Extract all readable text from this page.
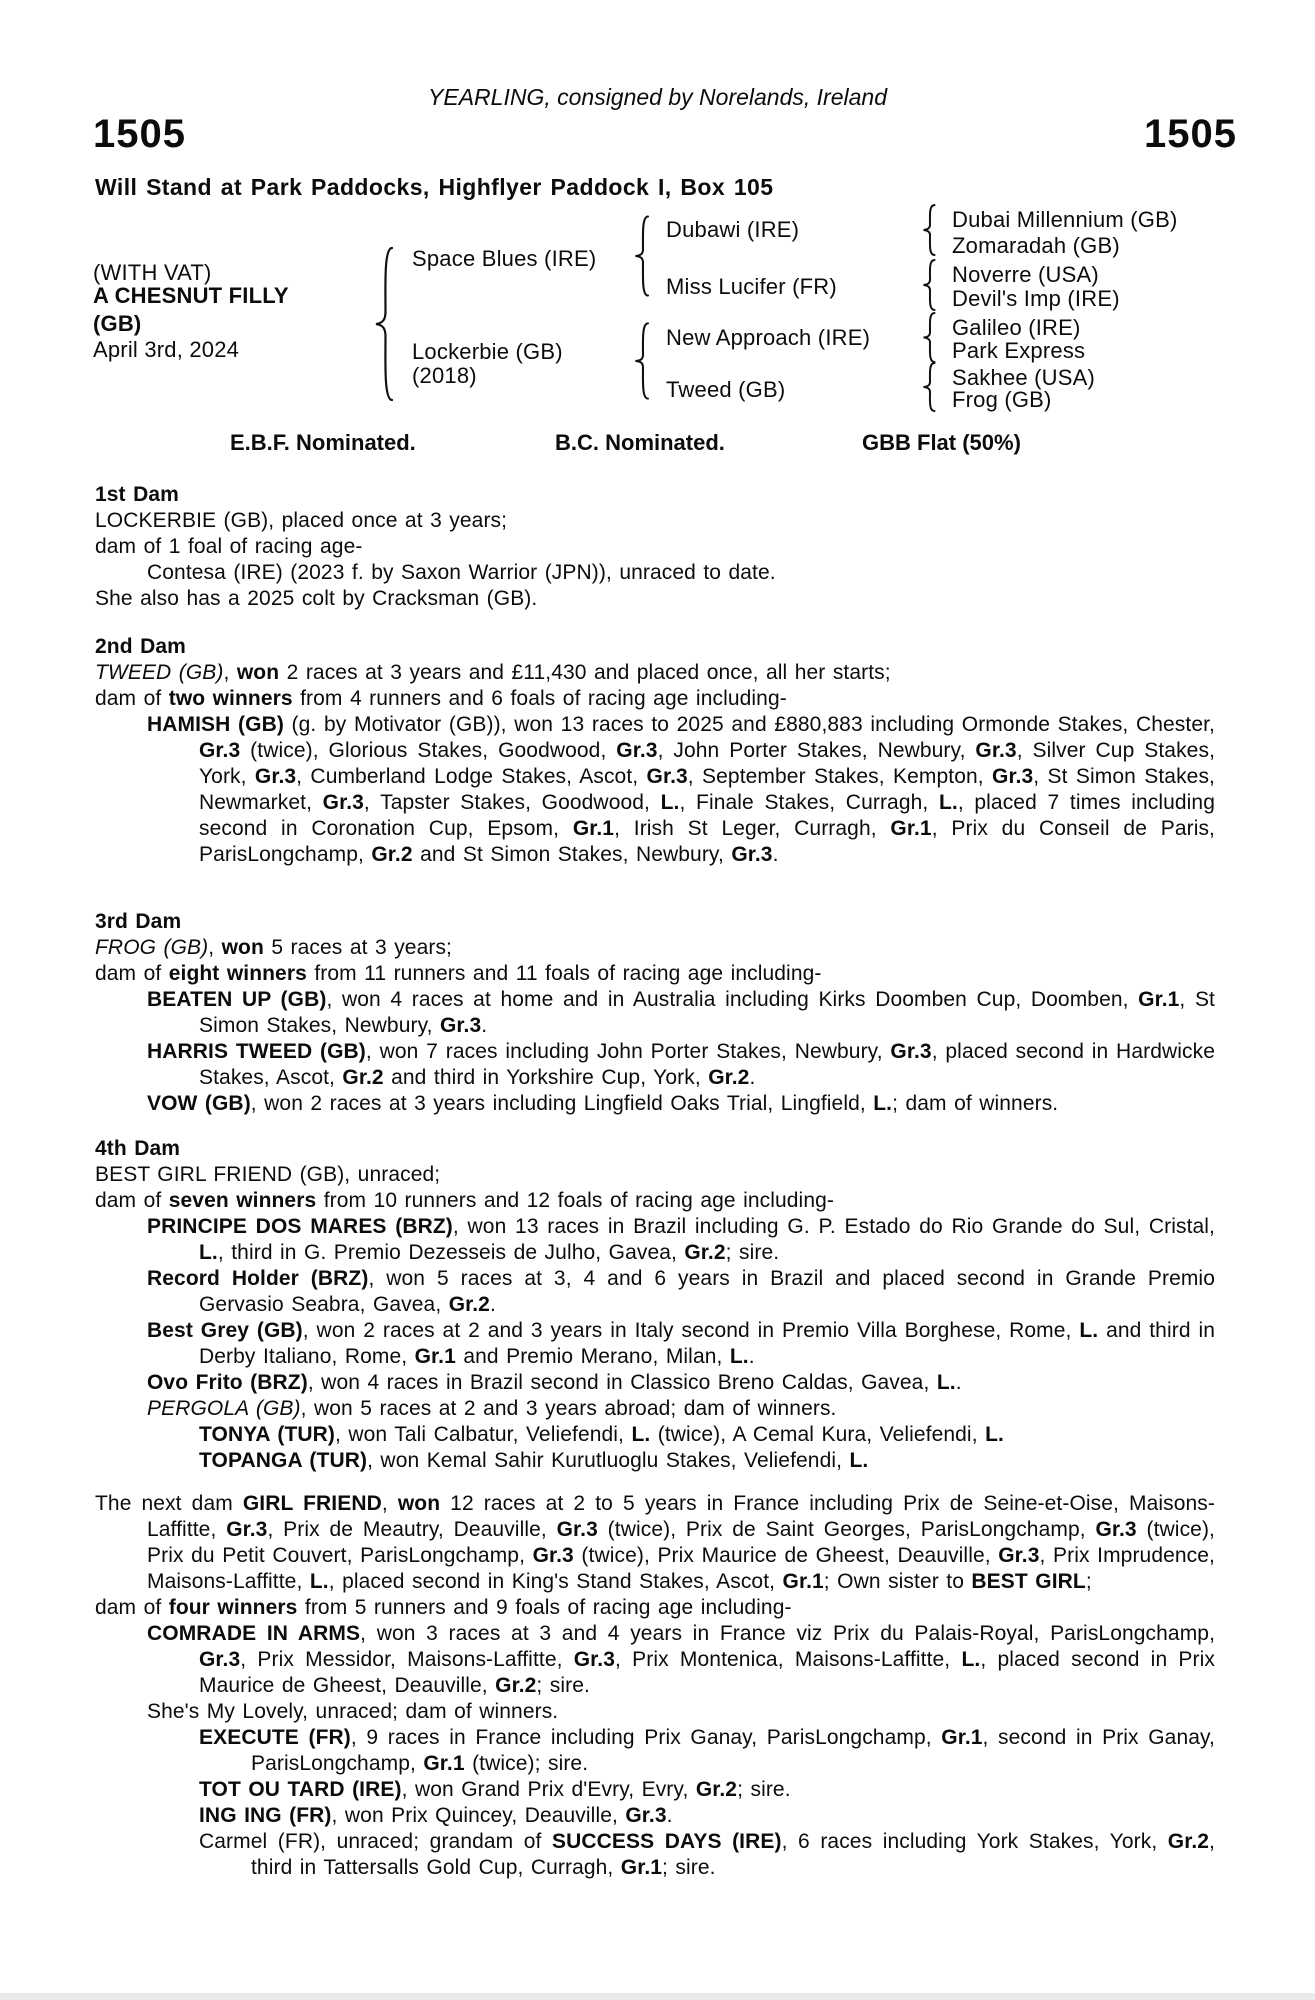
YEARLING, consigned by Norelands, Ireland
1505	1505
Will Stand at Park Paddocks, Highflyer Paddock I, Box 105
(WITH VAT)
A CHESNUT FILLY
(GB)
April 3rd, 2024
Space Blues (IRE)
Lockerbie (GB)
(2018)
Dubawi (IRE)
Miss Lucifer (FR)
New Approach (IRE)
Tweed (GB)
Dubai Millennium (GB)
Zomaradah (GB)
Noverre (USA)
Devil's Imp (IRE)
Galileo (IRE)
Park Express
Sakhee (USA)
Frog (GB)
E.B.F. Nominated.	B.C. Nominated.	GBB Flat (50%)
1st Dam

LOCKERBIE (GB), placed once at 3 years;

dam of 1 foal of racing age-

Contesa (IRE) (2023 f. by Saxon Warrior (JPN)), unraced to date.

She also has a 2025 colt by Cracksman (GB).

2nd Dam

TWEED (GB), won 2 races at 3 years and £11,430 and placed once, all her starts;

dam of two winners from 4 runners and 6 foals of racing age including-

HAMISH (GB) (g. by Motivator (GB)), won 13 races to 2025 and £880,883 including Ormonde Stakes, Chester, Gr.3 (twice), Glorious Stakes, Goodwood, Gr.3, John Porter Stakes, Newbury, Gr.3, Silver Cup Stakes, York, Gr.3, Cumberland Lodge Stakes, Ascot, Gr.3, September Stakes, Kempton, Gr.3, St Simon Stakes, Newmarket, Gr.3, Tapster Stakes, Goodwood, L., Finale Stakes, Curragh, L., placed 7 times including second in Coronation Cup, Epsom, Gr.1, Irish St Leger, Curragh, Gr.1, Prix du Conseil de Paris, ParisLongchamp, Gr.2 and St Simon Stakes, Newbury, Gr.3.

3rd Dam

FROG (GB), won 5 races at 3 years;

dam of eight winners from 11 runners and 11 foals of racing age including-

BEATEN UP (GB), won 4 races at home and in Australia including Kirks Doomben Cup, Doomben, Gr.1, St Simon Stakes, Newbury, Gr.3.

HARRIS TWEED (GB), won 7 races including John Porter Stakes, Newbury, Gr.3, placed second in Hardwicke Stakes, Ascot, Gr.2 and third in Yorkshire Cup, York, Gr.2.

VOW (GB), won 2 races at 3 years including Lingfield Oaks Trial, Lingfield, L.; dam of winners.

4th Dam

BEST GIRL FRIEND (GB), unraced;

dam of seven winners from 10 runners and 12 foals of racing age including-

PRINCIPE DOS MARES (BRZ), won 13 races in Brazil including G. P. Estado do Rio Grande do Sul, Cristal, L., third in G. Premio Dezesseis de Julho, Gavea, Gr.2; sire.

Record Holder (BRZ), won 5 races at 3, 4 and 6 years in Brazil and placed second in Grande Premio Gervasio Seabra, Gavea, Gr.2.

Best Grey (GB), won 2 races at 2 and 3 years in Italy second in Premio Villa Borghese, Rome, L. and third in Derby Italiano, Rome, Gr.1 and Premio Merano, Milan, L..

Ovo Frito (BRZ), won 4 races in Brazil second in Classico Breno Caldas, Gavea, L..

PERGOLA (GB), won 5 races at 2 and 3 years abroad; dam of winners.

TONYA (TUR), won Tali Calbatur, Veliefendi, L. (twice), A Cemal Kura, Veliefendi, L.

TOPANGA (TUR), won Kemal Sahir Kurutluoglu Stakes, Veliefendi, L.

The next dam GIRL FRIEND, won 12 races at 2 to 5 years in France including Prix de Seine-et-Oise, Maisons-Laffitte, Gr.3, Prix de Meautry, Deauville, Gr.3 (twice), Prix de Saint Georges, ParisLongchamp, Gr.3 (twice), Prix du Petit Couvert, ParisLongchamp, Gr.3 (twice), Prix Maurice de Gheest, Deauville, Gr.3, Prix Imprudence, Maisons-Laffitte, L., placed second in King's Stand Stakes, Ascot, Gr.1; Own sister to BEST GIRL;

dam of four winners from 5 runners and 9 foals of racing age including-

COMRADE IN ARMS, won 3 races at 3 and 4 years in France viz Prix du Palais-Royal, ParisLongchamp, Gr.3, Prix Messidor, Maisons-Laffitte, Gr.3, Prix Montenica, Maisons-Laffitte, L., placed second in Prix Maurice de Gheest, Deauville, Gr.2; sire.

She's My Lovely, unraced; dam of winners.

EXECUTE (FR), 9 races in France including Prix Ganay, ParisLongchamp, Gr.1, second in Prix Ganay, ParisLongchamp, Gr.1 (twice); sire.

TOT OU TARD (IRE), won Grand Prix d'Evry, Evry, Gr.2; sire.

ING ING (FR), won Prix Quincey, Deauville, Gr.3.

Carmel (FR), unraced; grandam of SUCCESS DAYS (IRE), 6 races including York Stakes, York, Gr.2, third in Tattersalls Gold Cup, Curragh, Gr.1; sire.
